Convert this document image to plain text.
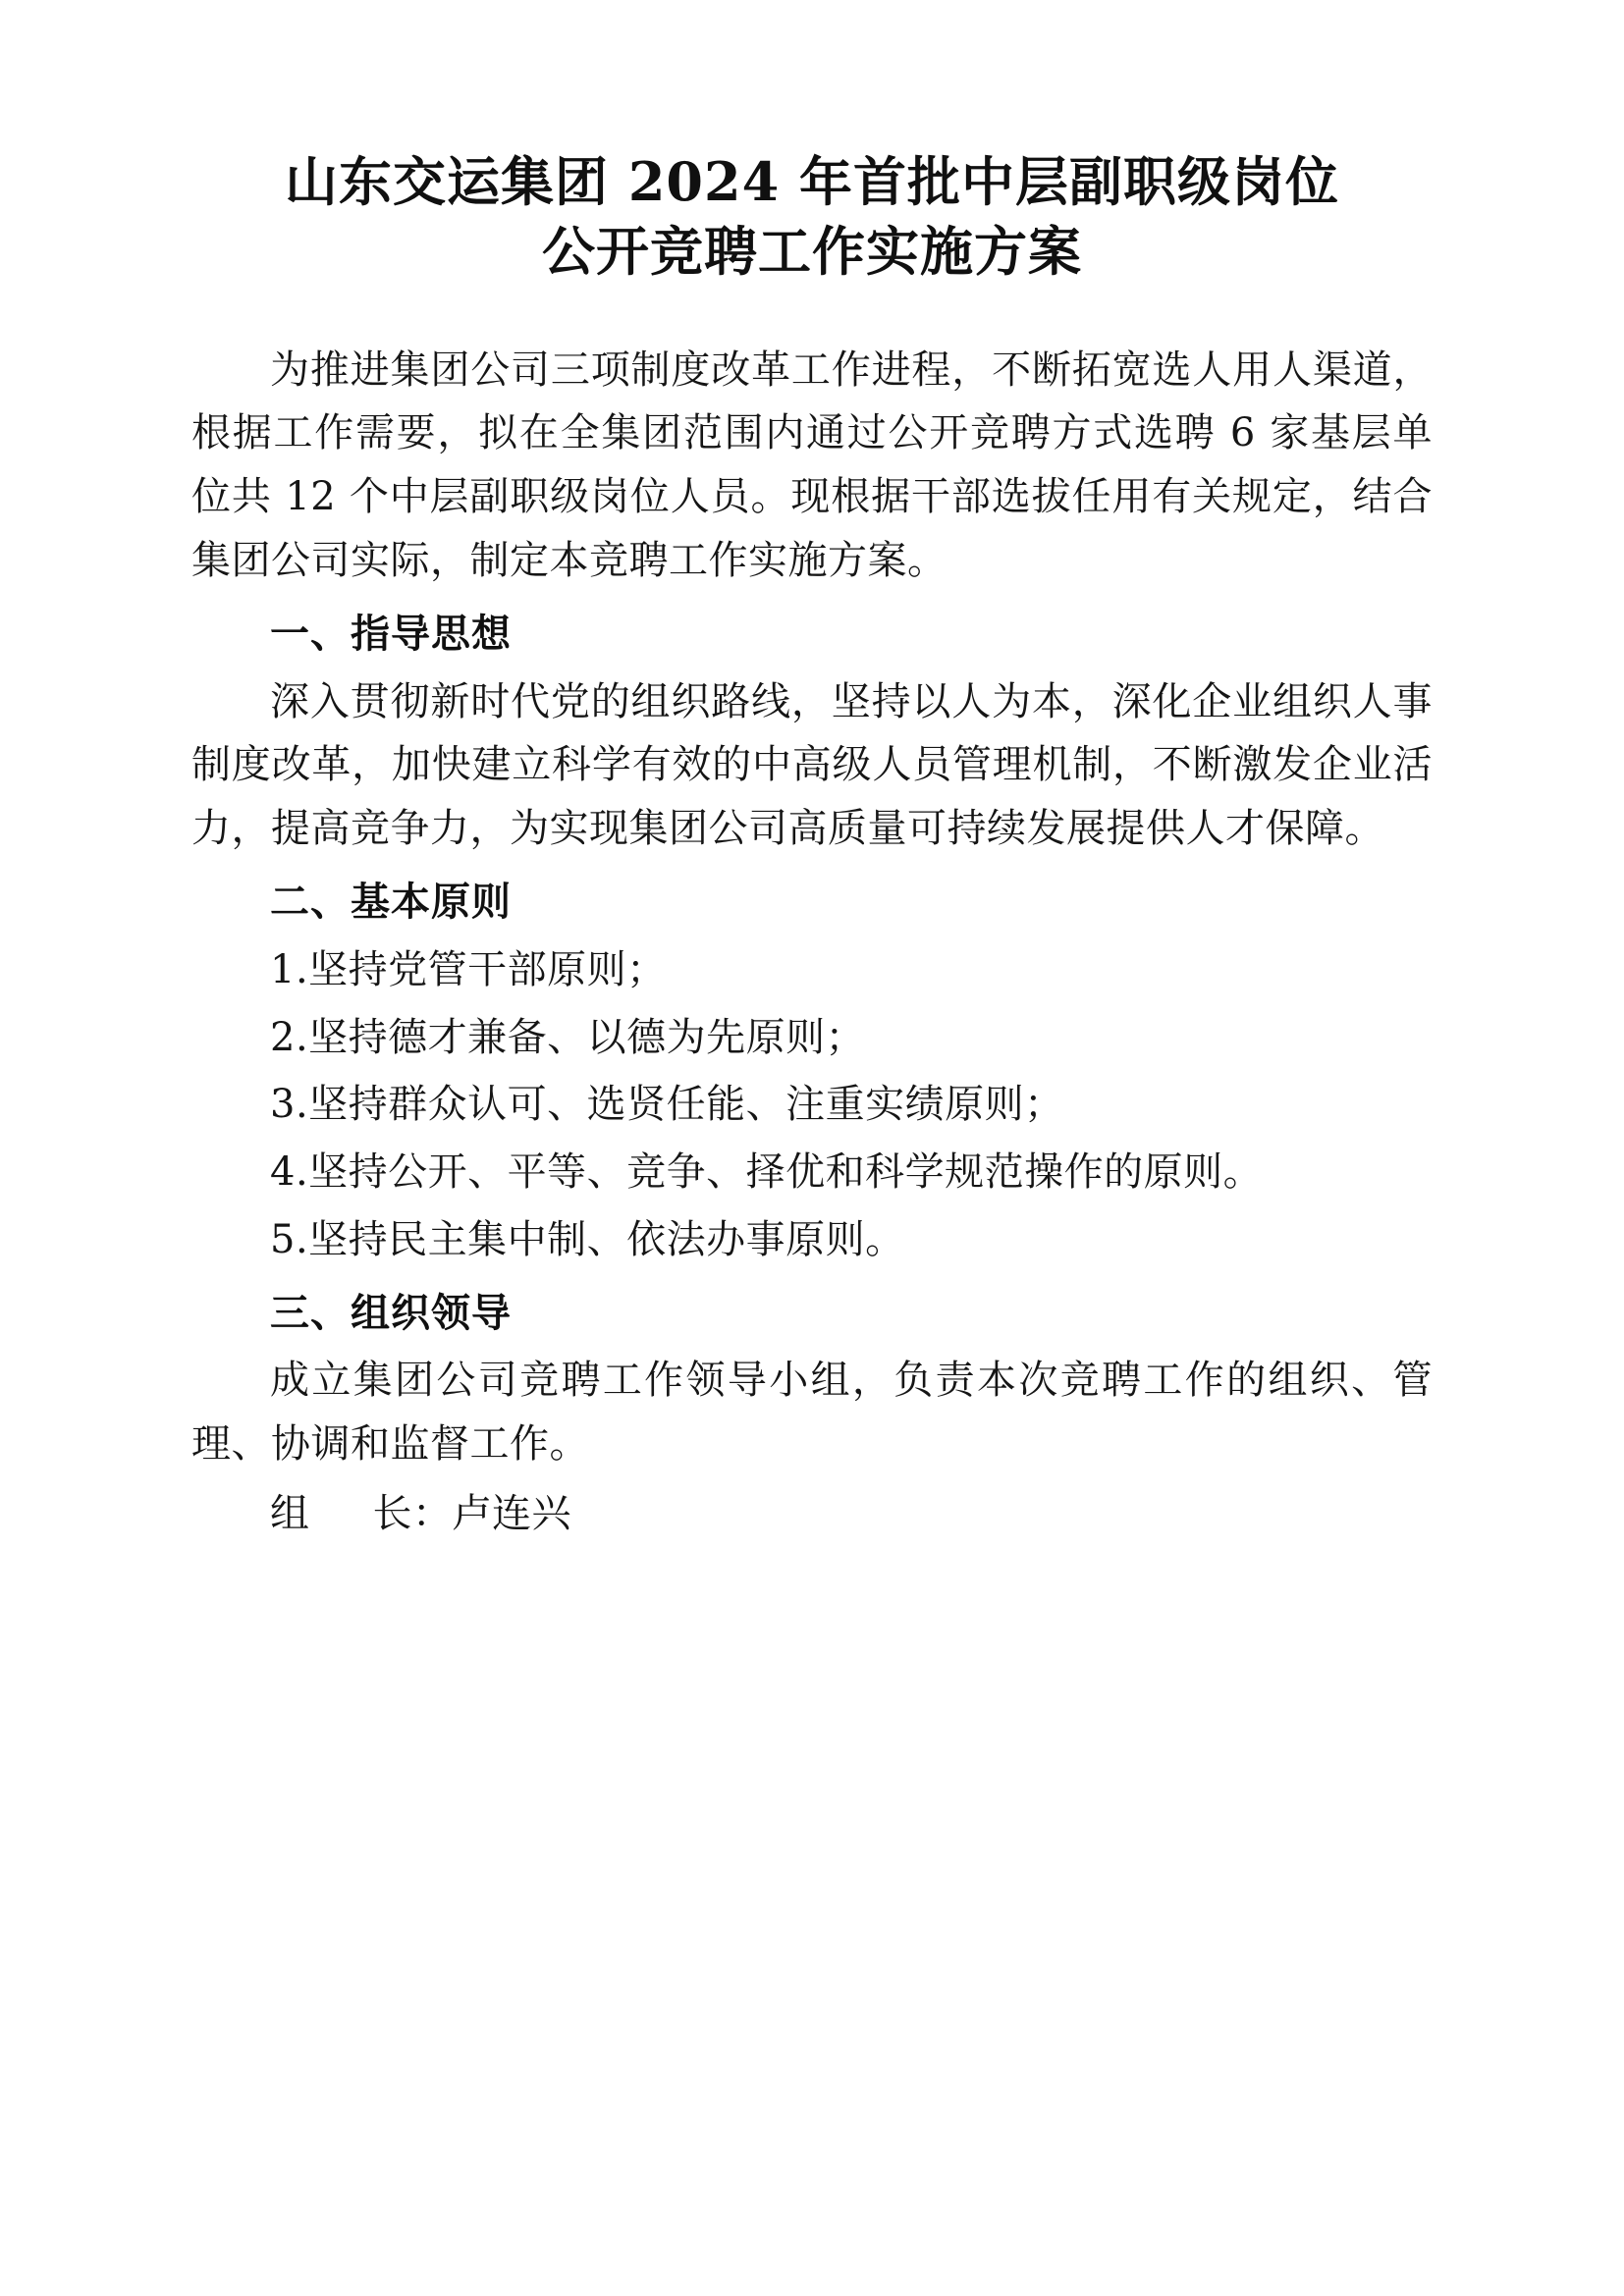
山东交运集团 2024 年首批中层副职级岗位
公开竞聘工作实施方案

为推进集团公司三项制度改革工作进程，不断拓宽选人用人渠道，根据工作需要，拟在全集团范围内通过公开竞聘方式选聘 6 家基层单位共 12 个中层副职级岗位人员。现根据干部选拔任用有关规定，结合集团公司实际，制定本竞聘工作实施方案。

一、指导思想

深入贯彻新时代党的组织路线，坚持以人为本，深化企业组织人事制度改革，加快建立科学有效的中高级人员管理机制，不断激发企业活力，提高竞争力，为实现集团公司高质量可持续发展提供人才保障。

二、基本原则

1.坚持党管干部原则；

2.坚持德才兼备、以德为先原则；

3.坚持群众认可、选贤任能、注重实绩原则；

4.坚持公开、平等、竞争、择优和科学规范操作的原则。

5.坚持民主集中制、依法办事原则。

三、组织领导

成立集团公司竞聘工作领导小组，负责本次竞聘工作的组织、管理、协调和监督工作。

组 长：卢连兴
